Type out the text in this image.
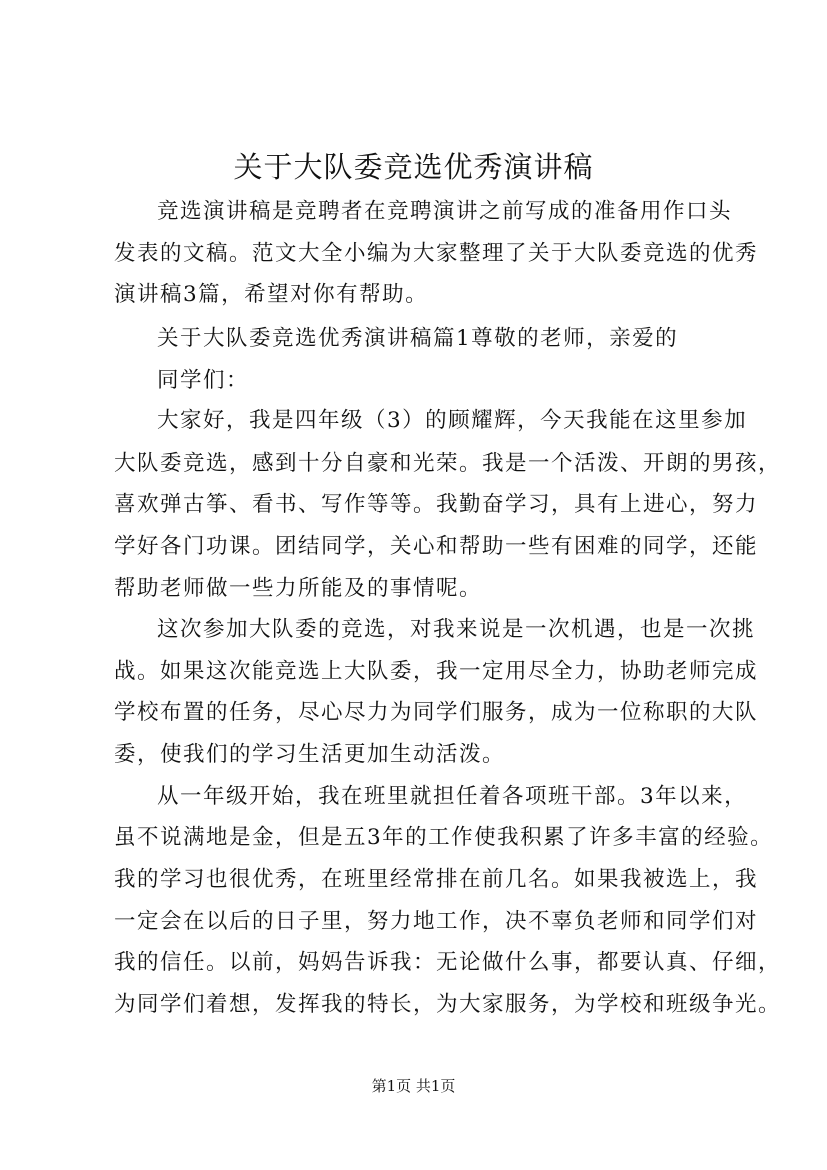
关于大队委竞选优秀演讲稿
竞选演讲稿是竞聘者在竞聘演讲之前写成的准备用作口头
发表的文稿。范文大全小编为大家整理了关于大队委竞选的优秀
演讲稿3篇，希望对你有帮助。
关于大队委竞选优秀演讲稿篇1尊敬的老师，亲爱的
同学们：
大家好，我是四年级（3）的顾耀辉，今天我能在这里参加
大队委竞选，感到十分自豪和光荣。我是一个活泼、开朗的男孩，
喜欢弹古筝、看书、写作等等。我勤奋学习，具有上进心，努力
学好各门功课。团结同学，关心和帮助一些有困难的同学，还能
帮助老师做一些力所能及的事情呢。
这次参加大队委的竞选，对我来说是一次机遇，也是一次挑
战。如果这次能竞选上大队委，我一定用尽全力，协助老师完成
学校布置的任务，尽心尽力为同学们服务，成为一位称职的大队
委，使我们的学习生活更加生动活泼。
从一年级开始，我在班里就担任着各项班干部。3年以来，
虽不说满地是金，但是五3年的工作使我积累了许多丰富的经验。
我的学习也很优秀，在班里经常排在前几名。如果我被选上，我
一定会在以后的日子里，努力地工作，决不辜负老师和同学们对
我的信任。以前，妈妈告诉我：无论做什么事，都要认真、仔细，
为同学们着想，发挥我的特长，为大家服务，为学校和班级争光。
第1页 共1页
